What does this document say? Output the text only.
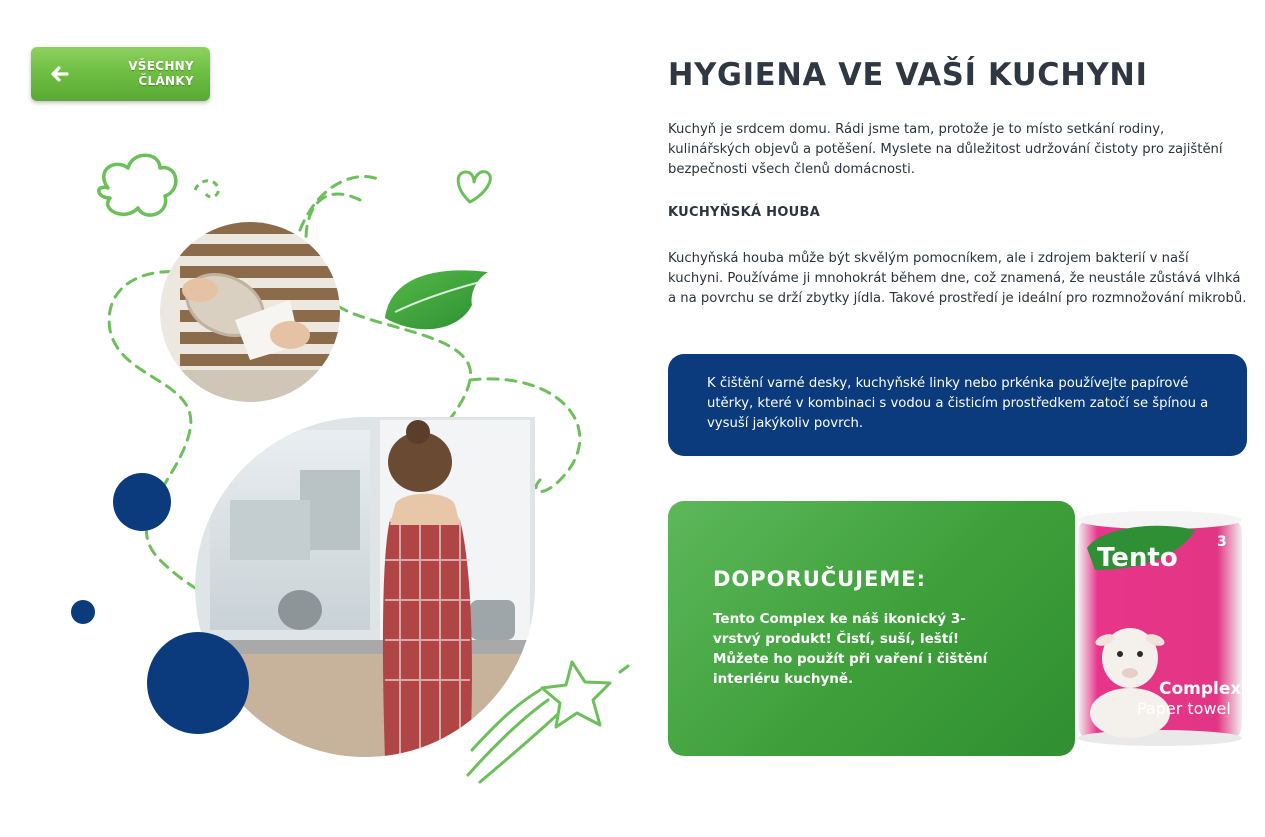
VŠECHNY
ČLÁNKY	HYGIENA VE VAŠÍ KUCHYNI

Kuchyň je srdcem domu. Rádi jsme tam, protože je to místo setkání rodiny, kulinářských objevů a potěšení. Myslete na důležitost udržování čistoty pro zajištění bezpečnosti všech členů domácnosti.

KUCHYŇSKÁ HOUBA

Kuchyňská houba může být skvělým pomocníkem, ale i zdrojem bakterií v naší kuchyni. Používáme ji mnohokrát během dne, což znamená, že neustále zůstává vlhká a na povrchu se drží zbytky jídla. Takové prostředí je ideální pro rozmnožování mikrobů.

K čištění varné desky, kuchyňské linky nebo prkénka používejte papírové utěrky, které v kombinaci s vodou a čisticím prostředkem zatočí se špínou a vysuší jakýkoliv povrch.

DOPORUČUJEME:

Tento Complex ke náš ikonický 3-vrstvý produkt! Čistí, suší, leští! Můžete ho použít při vaření i čištění interiéru kuchyně.

Tento
3
Complex
Paper towel
